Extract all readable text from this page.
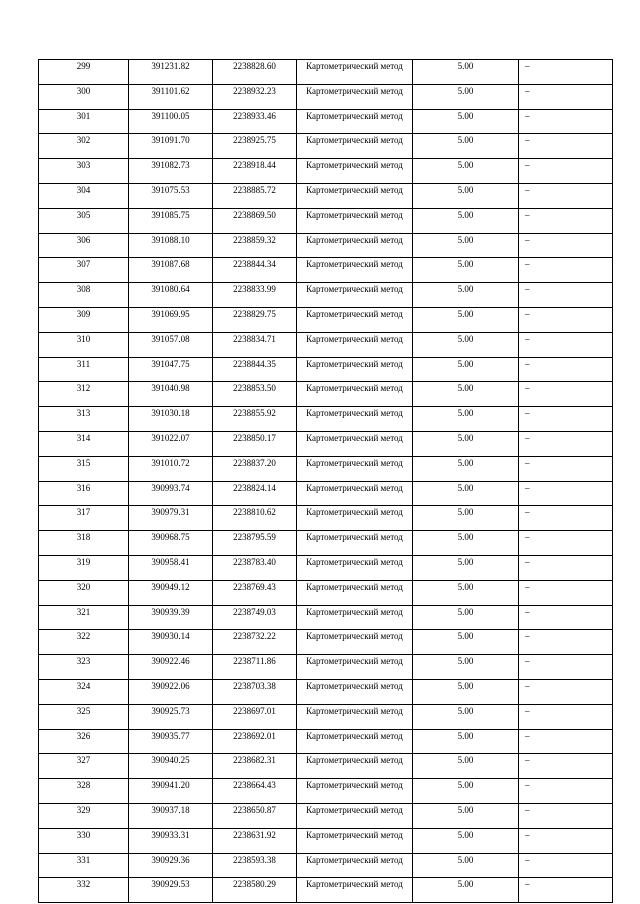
299	391231.82	2238828.60	Картометрический метод	5.00	–
300	391101.62	2238932.23	Картометрический метод	5.00	–
301	391100.05	2238933.46	Картометрический метод	5.00	–
302	391091.70	2238925.75	Картометрический метод	5.00	–
303	391082.73	2238918.44	Картометрический метод	5.00	–
304	391075.53	2238885.72	Картометрический метод	5.00	–
305	391085.75	2238869.50	Картометрический метод	5.00	–
306	391088.10	2238859.32	Картометрический метод	5.00	–
307	391087.68	2238844.34	Картометрический метод	5.00	–
308	391080.64	2238833.99	Картометрический метод	5.00	–
309	391069.95	2238829.75	Картометрический метод	5.00	–
310	391057.08	2238834.71	Картометрический метод	5.00	–
311	391047.75	2238844.35	Картометрический метод	5.00	–
312	391040.98	2238853.50	Картометрический метод	5.00	–
313	391030.18	2238855.92	Картометрический метод	5.00	–
314	391022.07	2238850.17	Картометрический метод	5.00	–
315	391010.72	2238837.20	Картометрический метод	5.00	–
316	390993.74	2238824.14	Картометрический метод	5.00	–
317	390979.31	2238810.62	Картометрический метод	5.00	–
318	390968.75	2238795.59	Картометрический метод	5.00	–
319	390958.41	2238783.40	Картометрический метод	5.00	–
320	390949.12	2238769.43	Картометрический метод	5.00	–
321	390939.39	2238749.03	Картометрический метод	5.00	–
322	390930.14	2238732.22	Картометрический метод	5.00	–
323	390922.46	2238711.86	Картометрический метод	5.00	–
324	390922.06	2238703.38	Картометрический метод	5.00	–
325	390925.73	2238697.01	Картометрический метод	5.00	–
326	390935.77	2238692.01	Картометрический метод	5.00	–
327	390940.25	2238682.31	Картометрический метод	5.00	–
328	390941.20	2238664.43	Картометрический метод	5.00	–
329	390937.18	2238650.87	Картометрический метод	5.00	–
330	390933.31	2238631.92	Картометрический метод	5.00	–
331	390929.36	2238593.38	Картометрический метод	5.00	–
332	390929.53	2238580.29	Картометрический метод	5.00	–
